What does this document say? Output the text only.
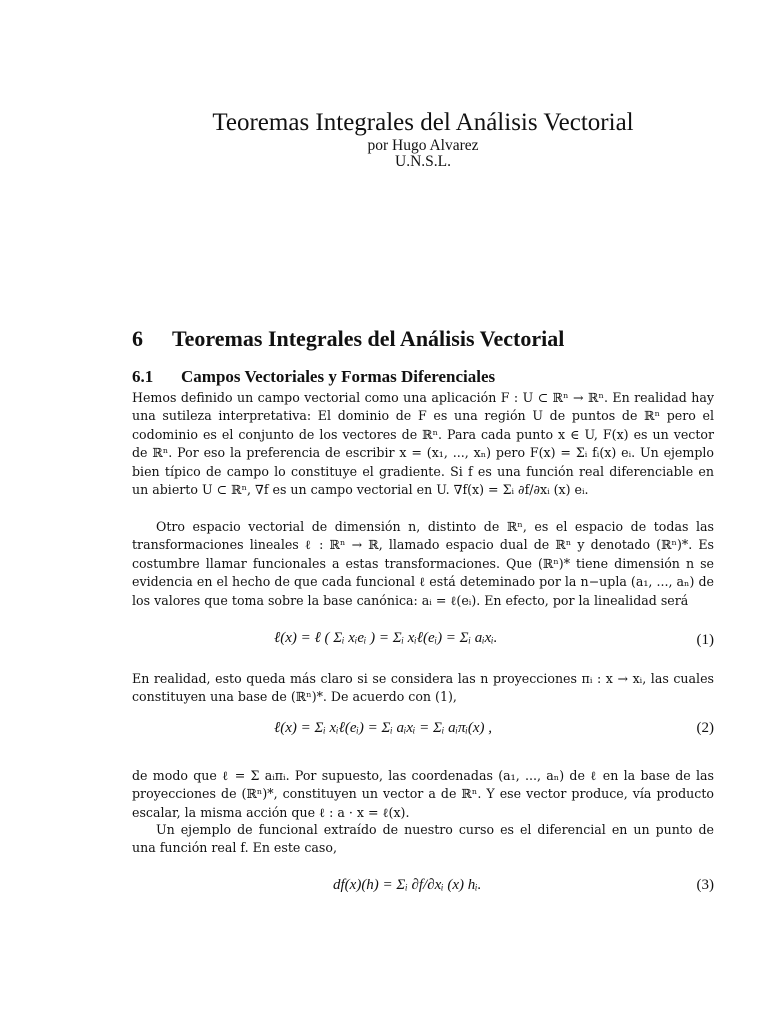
Teoremas Integrales del Análisis Vectorial
por Hugo Alvarez
U.N.S.L.
6 Teoremas Integrales del Análisis Vectorial
6.1 Campos Vectoriales y Formas Diferenciales

Hemos definido un campo vectorial como una aplicación F : U ⊂ ℝⁿ → ℝⁿ. En realidad hay una sutileza interpretativa: El dominio de F es una región U de puntos de ℝⁿ pero el codominio es el conjunto de los vectores de ℝⁿ. Para cada punto x ∈ U, F(x) es un vector de ℝⁿ. Por eso la preferencia de escribir x = (x₁, ..., xₙ) pero F(x) = Σᵢ fᵢ(x) eᵢ. Un ejemplo bien típico de campo lo constituye el gradiente. Si f es una función real diferenciable en un abierto U ⊂ ℝⁿ, ∇f es un campo vectorial en U. ∇f(x) = Σᵢ ∂f/∂xᵢ (x) eᵢ.

Otro espacio vectorial de dimensión n, distinto de ℝⁿ, es el espacio de todas las transformaciones lineales ℓ : ℝⁿ → ℝ, llamado espacio dual de ℝⁿ y denotado (ℝⁿ)*. Es costumbre llamar funcionales a estas transformaciones. Que (ℝⁿ)* tiene dimensión n se evidencia en el hecho de que cada funcional ℓ está deteminado por la n−upla (a₁, ..., aₙ) de los valores que toma sobre la base canónica: aᵢ = ℓ(eᵢ). En efecto, por la linealidad será

ℓ(x) = ℓ ( Σᵢ xᵢeᵢ ) = Σᵢ xᵢℓ(eᵢ) = Σᵢ aᵢxᵢ.	(1)

En realidad, esto queda más claro si se considera las n proyecciones πᵢ : x → xᵢ, las cuales constituyen una base de (ℝⁿ)*. De acuerdo con (1),

ℓ(x) = Σᵢ xᵢℓ(eᵢ) = Σᵢ aᵢxᵢ = Σᵢ aᵢπᵢ(x) ,	(2)

de modo que ℓ = Σ aᵢπᵢ. Por supuesto, las coordenadas (a₁, ..., aₙ) de ℓ en la base de las proyecciones de (ℝⁿ)*, constituyen un vector a de ℝⁿ. Y ese vector produce, vía producto escalar, la misma acción que ℓ : a · x = ℓ(x).

Un ejemplo de funcional extraído de nuestro curso es el diferencial en un punto de una función real f. En este caso,

df(x)(h) = Σᵢ ∂f/∂xᵢ (x) hᵢ.	(3)
